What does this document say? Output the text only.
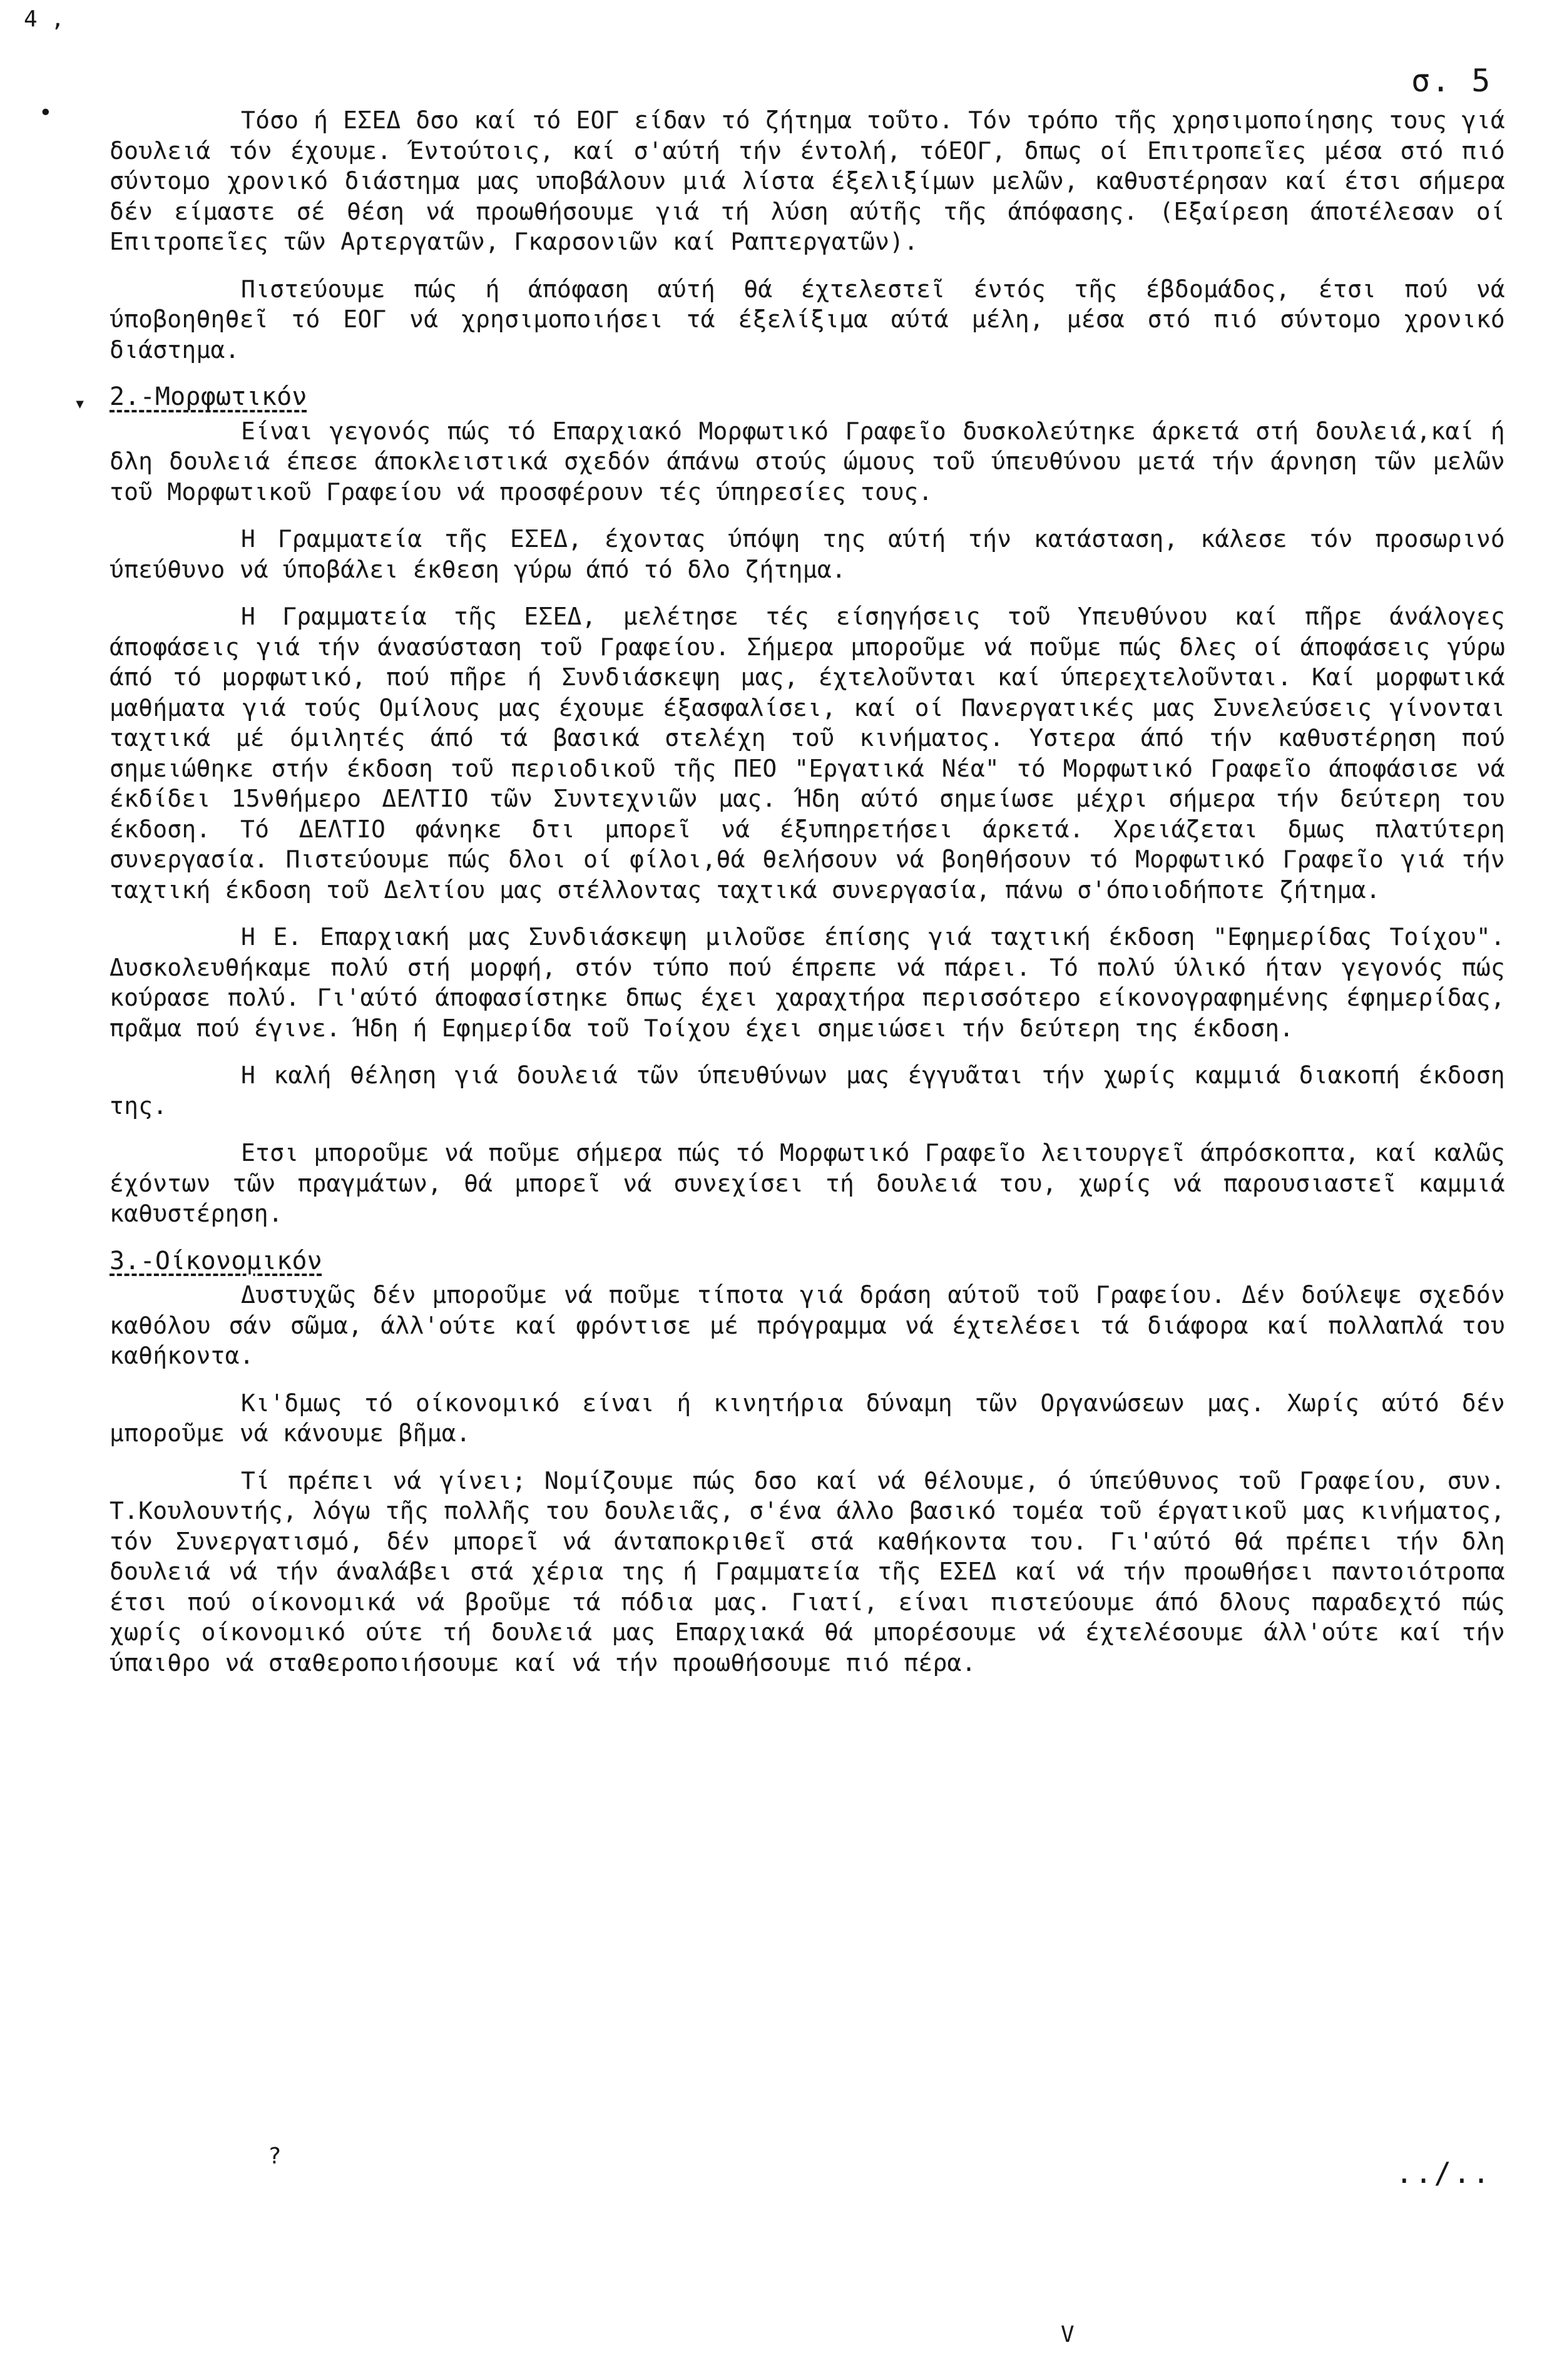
4 ,
•
σ. 5
▾

Τόσο ή ΕΣΕΔ δσο καί τό ΕΟΓ είδαν τό ζήτημα τοῦτο. Τόν τρόπο τῆς χρησιμοποίησης τους γιά δουλειά τόν έχουμε. Έντούτοις, καί σ'αύτή τήν έντολή, τόΕΟΓ, δπως οί Επιτροπεῖες μέσα στό πιό σύντομο χρονικό διάστημα μας υποβάλουν μιά λίστα έξελιξίμων μελῶν, καθυστέρησαν καί έτσι σήμερα δέν είμαστε σέ θέση νά προωθήσουμε γιά τή λύση αύτῆς τῆς άπόφασης. (Εξαίρεση άποτέλεσαν οί Επιτροπεῖες τῶν Αρτεργατῶν, Γκαρσονιῶν καί Ραπτεργατῶν).

Πιστεύουμε πώς ή άπόφαση αύτή θά έχτελεστεῖ έντός τῆς έβδομάδος, έτσι πού νά ύποβοηθηθεῖ τό ΕΟΓ νά χρησιμοποιήσει τά έξελίξιμα αύτά μέλη, μέσα στό πιό σύντομο χρονικό διάστημα.

2.-Μορφωτικόν

Είναι γεγονός πώς τό Επαρχιακό Μορφωτικό Γραφεῖο δυσκολεύτηκε άρκετά στή δουλειά,καί ή δλη δουλειά έπεσε άποκλειστικά σχεδόν άπάνω στούς ώμους τοῦ ύπευθύνου μετά τήν άρνηση τῶν μελῶν τοῦ Μορφωτικοῦ Γραφείου νά προσφέρουν τές ύπηρεσίες τους.

Η Γραμματεία τῆς ΕΣΕΔ, έχοντας ύπόψη της αύτή τήν κατάσταση, κάλεσε τόν προσωρινό ύπεύθυνο νά ύποβάλει έκθεση γύρω άπό τό δλο ζήτημα.

Η Γραμματεία τῆς ΕΣΕΔ, μελέτησε τές είσηγήσεις τοῦ Υπευθύνου καί πῆρε άνάλογες άποφάσεις γιά τήν άνασύσταση τοῦ Γραφείου. Σήμερα μποροῦμε νά ποῦμε πώς δλες οί άποφάσεις γύρω άπό τό μορφωτικό, πού πῆρε ή Συνδιάσκεψη μας, έχτελοῦνται καί ύπερεχτελοῦνται. Καί μορφωτικά μαθήματα γιά τούς Ομίλους μας έχουμε έξασφαλίσει, καί οί Πανεργατικές μας Συνελεύσεις γίνονται ταχτικά μέ όμιλητές άπό τά βασικά στελέχη τοῦ κινήματος. Υστερα άπό τήν καθυστέρηση πού σημειώθηκε στήν έκδοση τοῦ περιοδικοῦ τῆς ΠΕΟ "Εργατικά Νέα" τό Μορφωτικό Γραφεῖο άποφάσισε νά έκδίδει 15νθήμερο ΔΕΛΤΙΟ τῶν Συντεχνιῶν μας. Ήδη αύτό σημείωσε μέχρι σήμερα τήν δεύτερη του έκδοση. Τό ΔΕΛΤΙΟ φάνηκε δτι μπορεῖ νά έξυπηρετήσει άρκετά. Χρειάζεται δμως πλατύτερη συνεργασία. Πιστεύουμε πώς δλοι οί φίλοι,θά θελήσουν νά βοηθήσουν τό Μορφωτικό Γραφεῖο γιά τήν ταχτική έκδοση τοῦ Δελτίου μας στέλλοντας ταχτικά συνεργασία, πάνω σ'όποιοδήποτε ζήτημα.

Η Ε. Επαρχιακή μας Συνδιάσκεψη μιλοῦσε έπίσης γιά ταχτική έκδοση "Εφημερίδας Τοίχου". Δυσκολευθήκαμε πολύ στή μορφή, στόν τύπο πού έπρεπε νά πάρει. Τό πολύ ύλικό ήταν γεγονός πώς κούρασε πολύ. Γι'αύτό άποφασίστηκε δπως έχει χαραχτήρα περισσότερο είκονογραφημένης έφημερίδας, πρᾶμα πού έγινε. Ήδη ή Εφημερίδα τοῦ Τοίχου έχει σημειώσει τήν δεύτερη της έκδοση.

Η καλή θέληση γιά δουλειά τῶν ύπευθύνων μας έγγυᾶται τήν χωρίς καμμιά διακοπή έκδοση της.

Ετσι μποροῦμε νά ποῦμε σήμερα πώς τό Μορφωτικό Γραφεῖο λειτουργεῖ άπρόσκοπτα, καί καλῶς έχόντων τῶν πραγμάτων, θά μπορεῖ νά συνεχίσει τή δουλειά του, χωρίς νά παρουσιαστεῖ καμμιά καθυστέρηση.

3.-Οίκονομικόν

Δυστυχῶς δέν μποροῦμε νά ποῦμε τίποτα γιά δράση αύτοῦ τοῦ Γραφείου. Δέν δούλεψε σχεδόν καθόλου σάν σῶμα, άλλ'ούτε καί φρόντισε μέ πρόγραμμα νά έχτελέσει τά διάφορα καί πολλαπλά του καθήκοντα.

Κι'δμως τό οίκονομικό είναι ή κινητήρια δύναμη τῶν Οργανώσεων μας. Χωρίς αύτό δέν μποροῦμε νά κάνουμε βῆμα.

Τί πρέπει νά γίνει; Νομίζουμε πώς δσο καί νά θέλουμε, ό ύπεύθυνος τοῦ Γραφείου, συν. Τ.Κουλουντής, λόγω τῆς πολλῆς του δουλειᾶς, σ'ένα άλλο βασικό τομέα τοῦ έργατικοῦ μας κινήματος, τόν Συνεργατισμό, δέν μπορεῖ νά άνταποκριθεῖ στά καθήκοντα του. Γι'αύτό θά πρέπει τήν δλη δουλειά νά τήν άναλάβει στά χέρια της ή Γραμματεία τῆς ΕΣΕΔ καί νά τήν προωθήσει παντοιότροπα έτσι πού οίκονομικά νά βροῦμε τά πόδια μας. Γιατί, είναι πιστεύουμε άπό δλους παραδεχτό πώς χωρίς οίκονομικό ούτε τή δουλειά μας Επαρχιακά θά μπορέσουμε νά έχτελέσουμε άλλ'ούτε καί τήν ύπαιθρο νά σταθεροποιήσουμε καί νά τήν προωθήσουμε πιό πέρα.

?	../..
V
